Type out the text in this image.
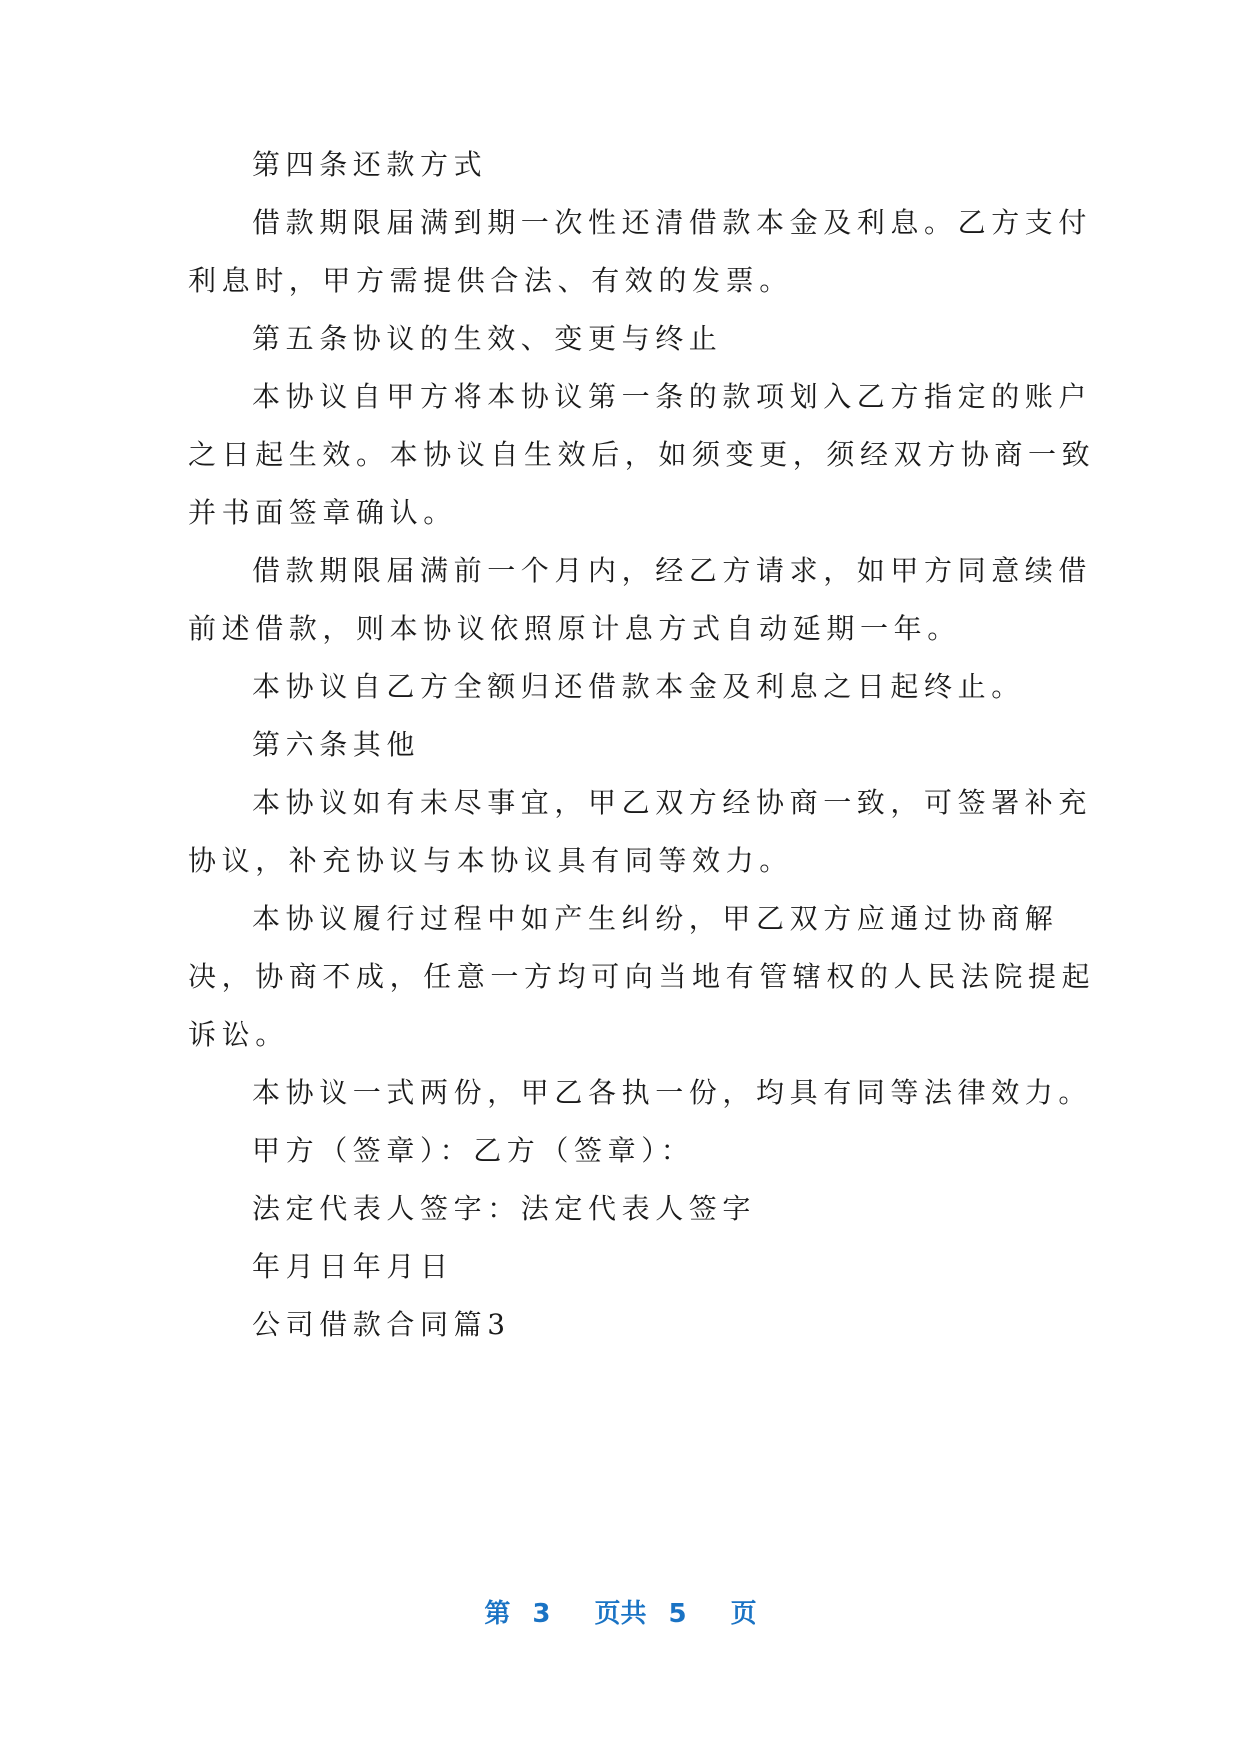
第四条还款方式
借款期限届满到期一次性还清借款本金及利息。乙方支付
利息时，甲方需提供合法、有效的发票。
第五条协议的生效、变更与终止
本协议自甲方将本协议第一条的款项划入乙方指定的账户
之日起生效。本协议自生效后，如须变更，须经双方协商一致
并书面签章确认。
借款期限届满前一个月内，经乙方请求，如甲方同意续借
前述借款，则本协议依照原计息方式自动延期一年。
本协议自乙方全额归还借款本金及利息之日起终止。
第六条其他
本协议如有未尽事宜，甲乙双方经协商一致，可签署补充
协议，补充协议与本协议具有同等效力。
本协议履行过程中如产生纠纷，甲乙双方应通过协商解
决，协商不成，任意一方均可向当地有管辖权的人民法院提起
诉讼。
本协议一式两份，甲乙各执一份，均具有同等法律效力。
甲方（签章）：乙方（签章）：
法定代表人签字：法定代表人签字
年月日年月日
公司借款合同篇3
第 3 页共 5 页
